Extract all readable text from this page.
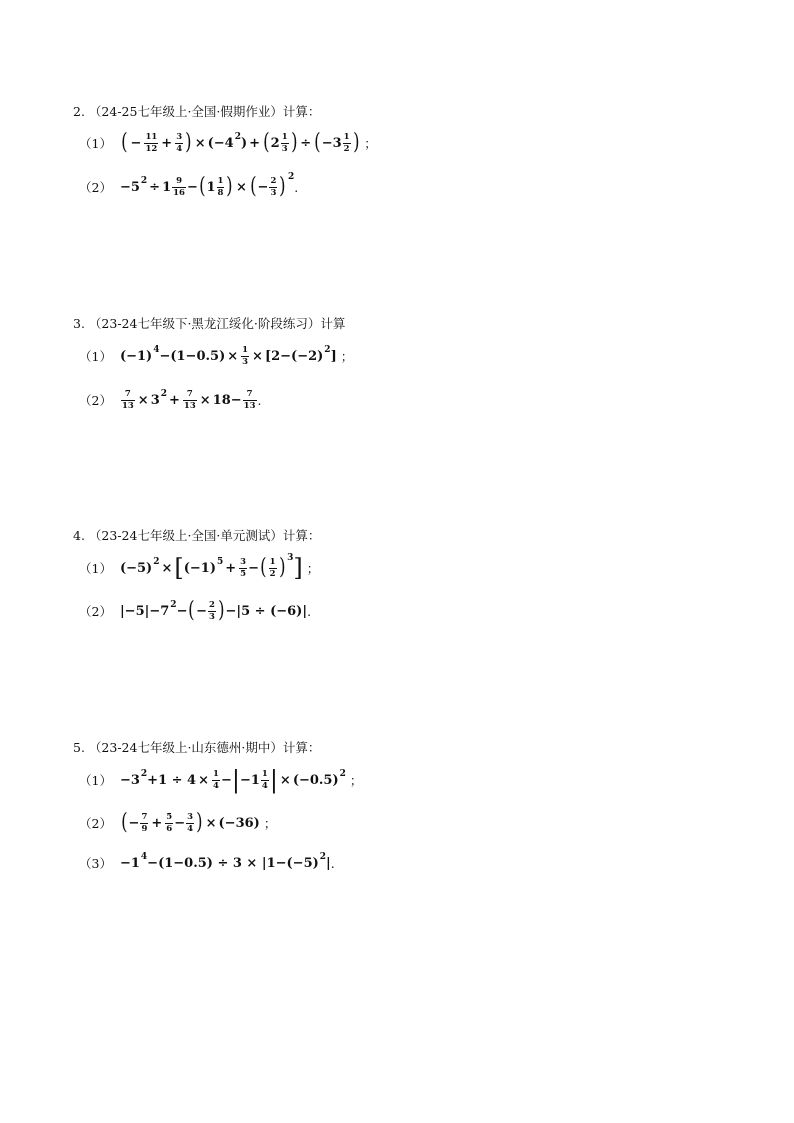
2. （24-25七年级上·全国·假期作业）计算：
（1） ( − $\frac{11}{12} + \frac{3}{4}$ ) × ( −4 2 ) + ( $2 \frac{1}{3}$ ) ÷ ( − $3 \frac{1}{2}$ ) ；
（2） −5 $2 \div 1 \frac{9}{16}$ − ( $1 \frac{1}{8}$ ) × ( − $\frac{2}{3}$ ) 2
.
3. （23-24七年级下·黑龙江绥化·阶段练习）计算
（1） (−1) $4 -(1-0.5) \times \frac{1}{3} \times [2-(-2)$ 2 ] ；
$(2) \frac{7}{13} \times 3$ $2 + \frac{7}{13} \times 18 - \frac{7}{13}$ .
4. （23-24七年级上·全国·单元测试）计算：
（1） (−5) 2 × [ (−1) $5 + \frac{3}{5}$ − ( $\frac{1}{2}$ ) 3 ] ；
（2） |−5|−7 2 − ( − $\frac{2}{3}$ ) −|5 ÷ (−6)| .
5. （23-24七年级上·山东德州·期中）计算：
（1） −3 $2 +1 \div 4 \times \frac{1}{4}$ − | − $1 \frac{1}{4}$ | × (−0.5) 2 ；
（2） ( − $\frac{7}{9} + \frac{5}{6} - \frac{3}{4}$ ) × (−36) ；
（3） −1 4 −(1−0.5) ÷ 3 × |1−(−5) 2 | .
